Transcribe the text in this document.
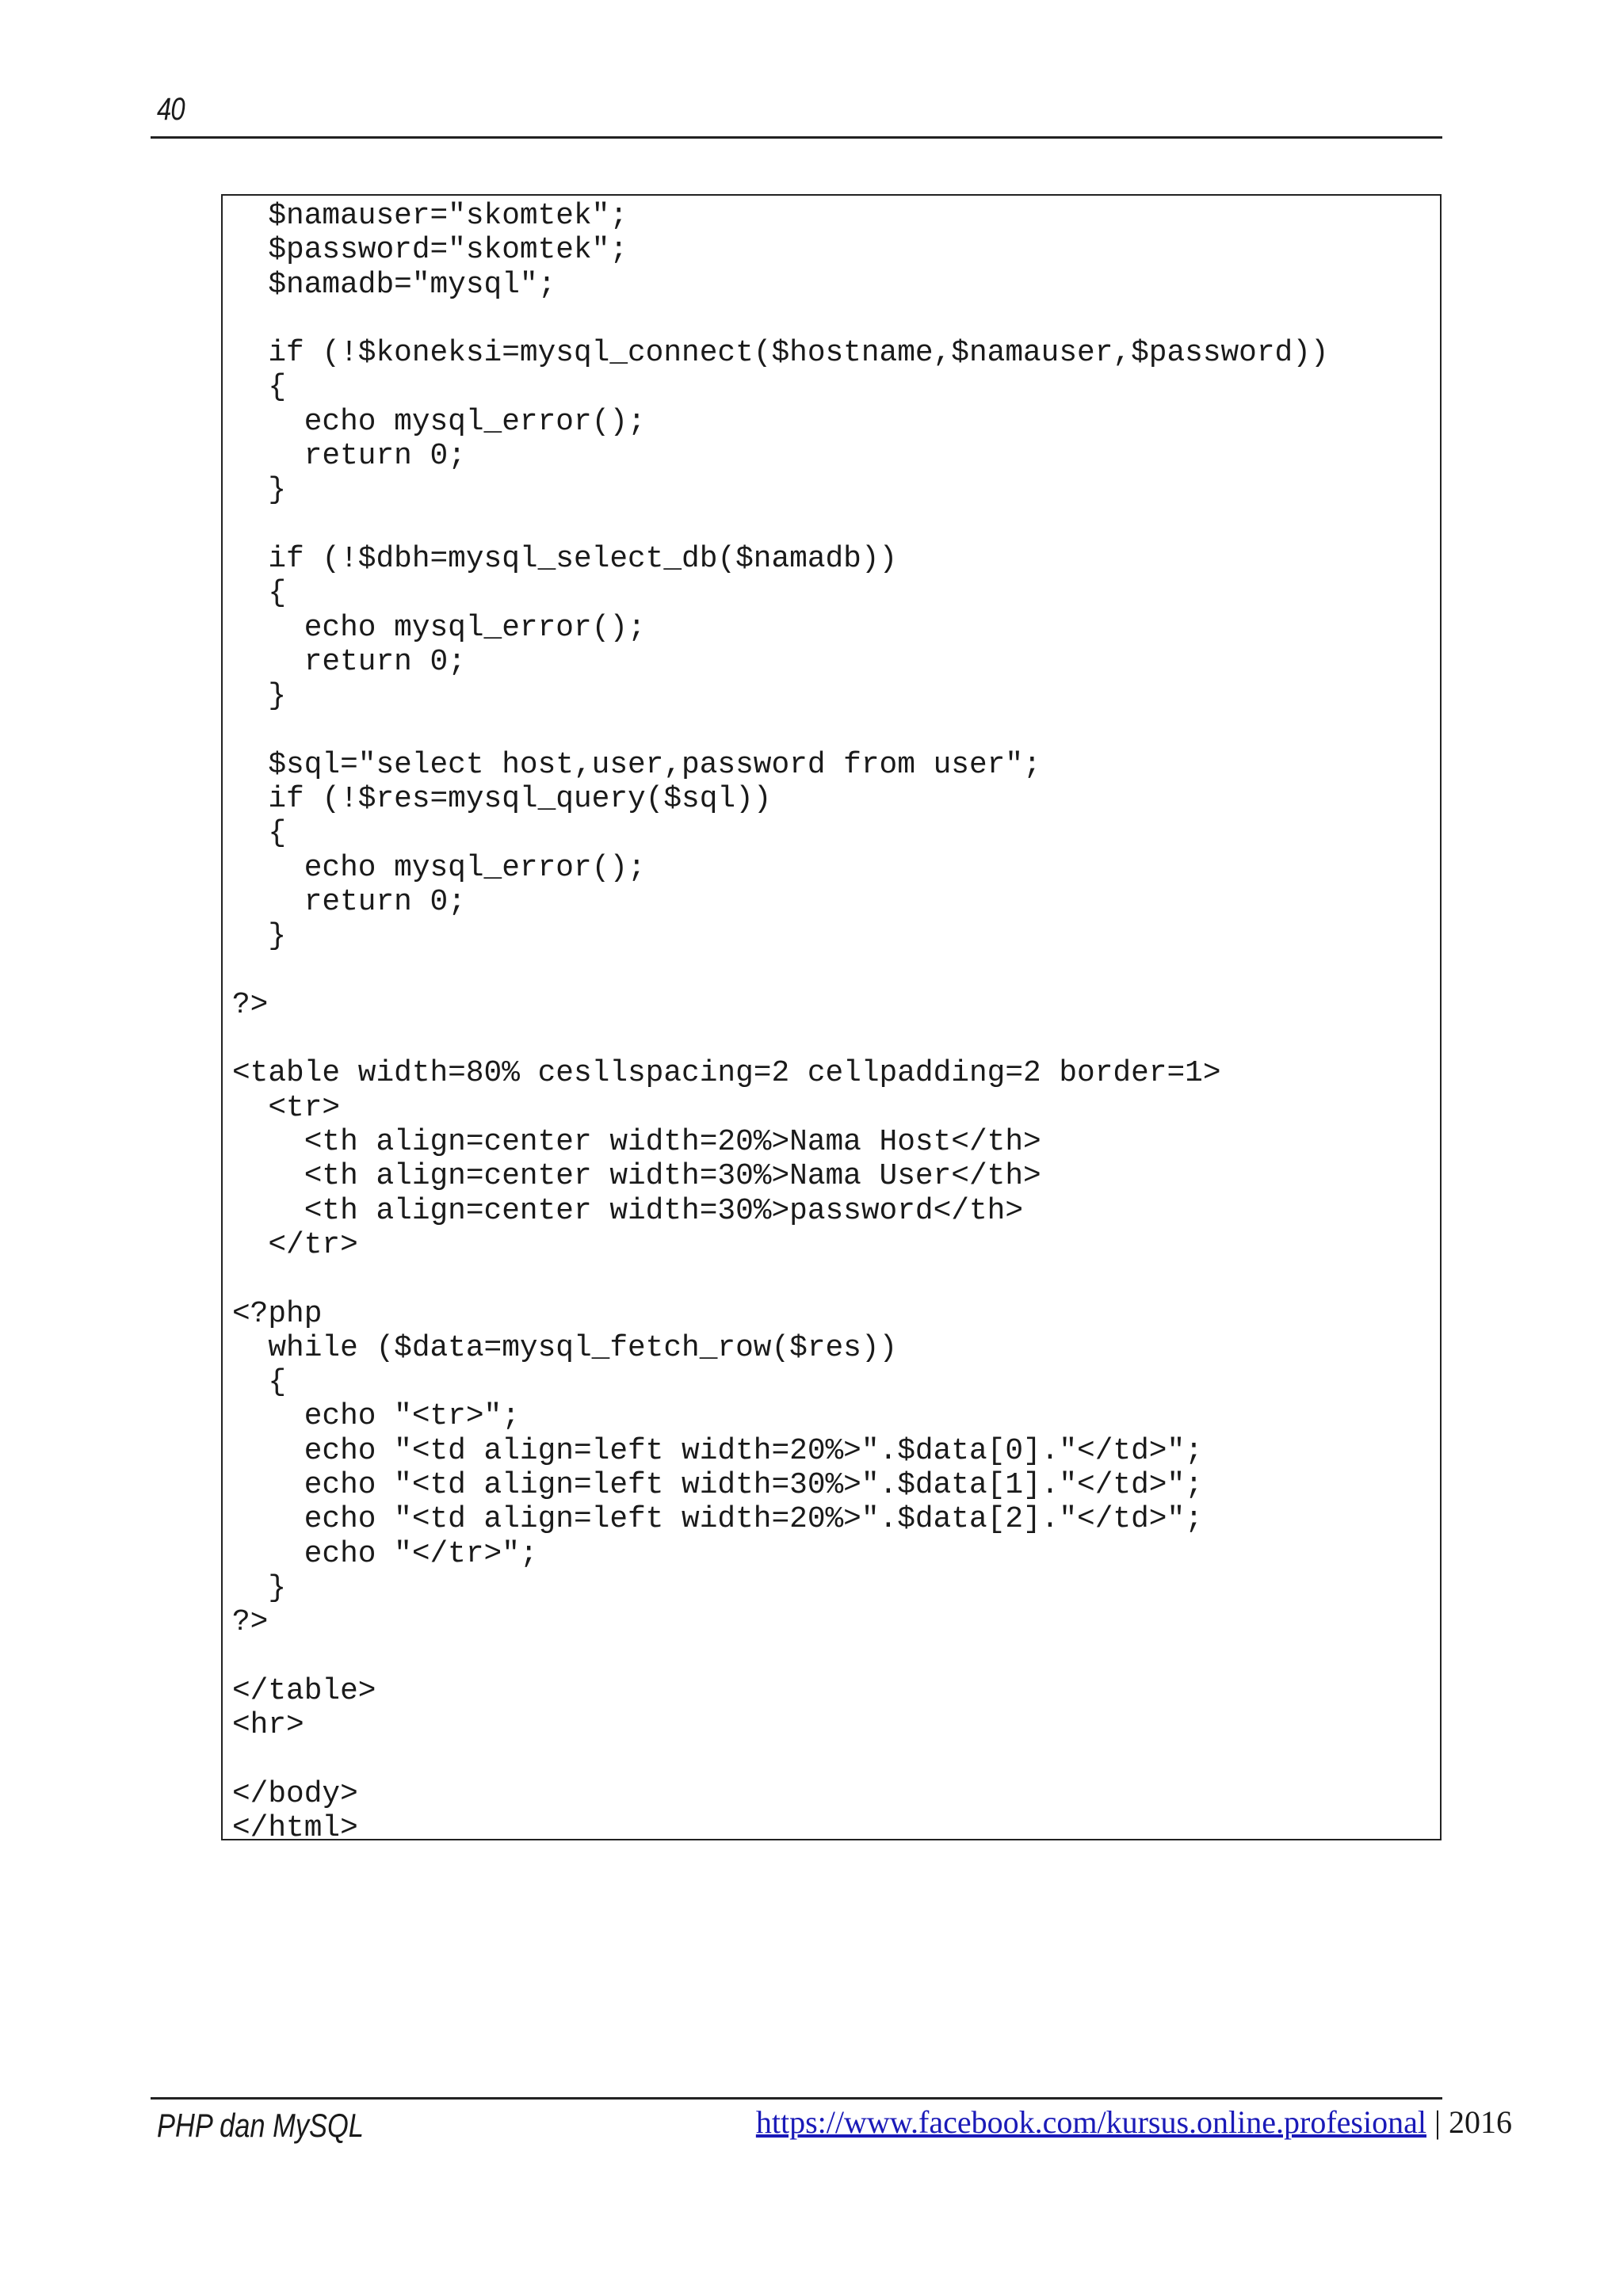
40
$namauser="skomtek";
$password="skomtek";
$namadb="mysql";
if (!$koneksi=mysql_connect($hostname,$namauser,$password))
{
echo mysql_error();
return 0;
}
if (!$dbh=mysql_select_db($namadb))
{
echo mysql_error();
return 0;
}
$sql="select host,user,password from user";
if (!$res=mysql_query($sql))
{
echo mysql_error();
return 0;
}
?>
<table width=80% cesllspacing=2 cellpadding=2 border=1>
<tr>
<th align=center width=20%>Nama Host</th>
<th align=center width=30%>Nama User</th>
<th align=center width=30%>password</th>
</tr>
<?php
while ($data=mysql_fetch_row($res))
{
echo "<tr>";
echo "<td align=left width=20%>".$data[0]."</td>";
echo "<td align=left width=30%>".$data[1]."</td>";
echo "<td align=left width=20%>".$data[2]."</td>";
echo "</tr>";
}
?>
</table>
<hr>
</body>
</html>
PHP dan MySQL	https://www.facebook.com/kursus.online.profesional | 2016
